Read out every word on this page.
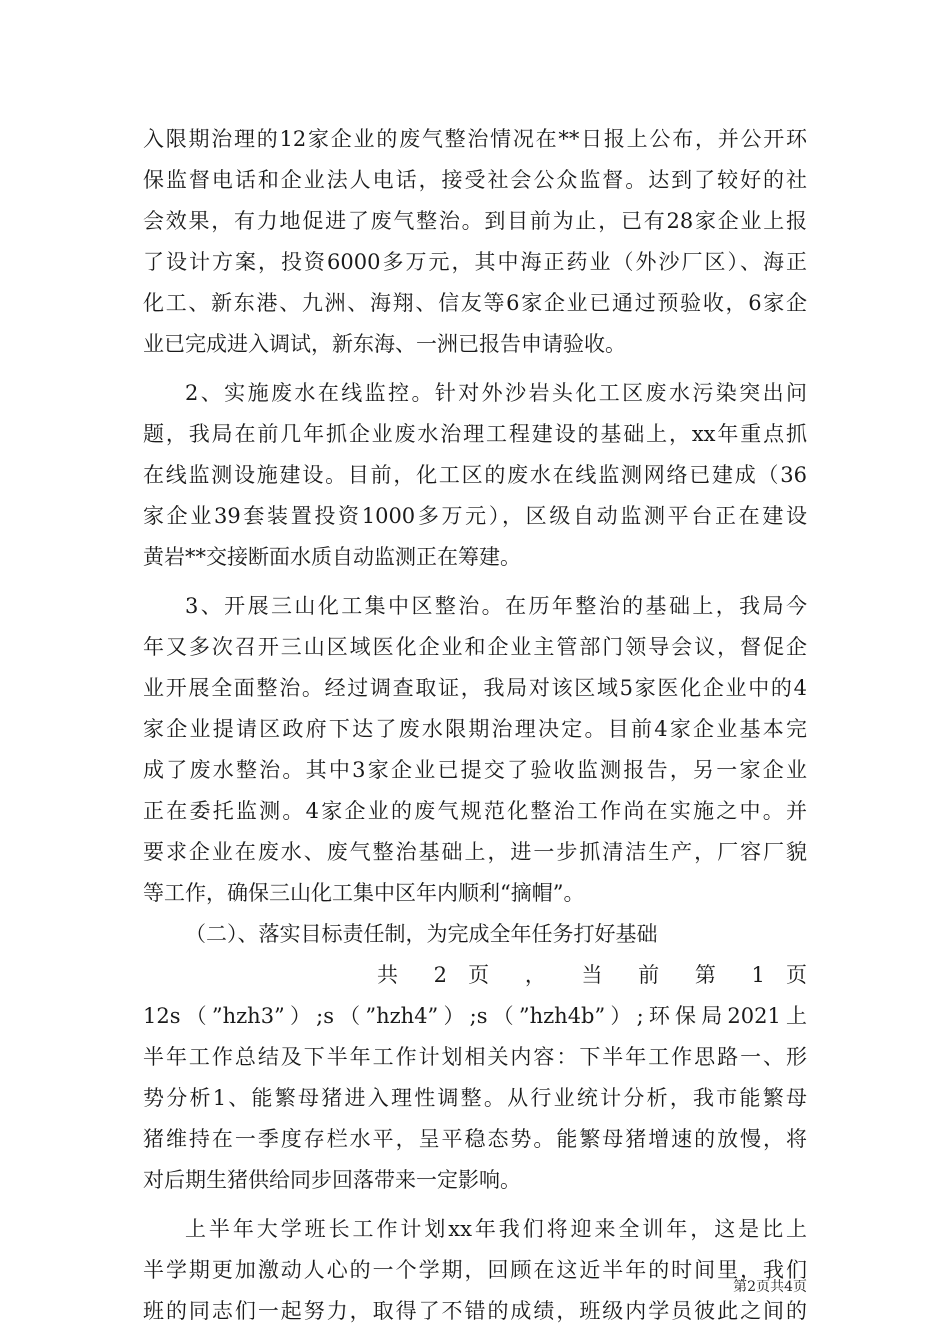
入限期治理的12家企业的废气整治情况在**日报上公布，并公开环
保监督电话和企业法人电话，接受社会公众监督。达到了较好的社
会效果，有力地促进了废气整治。到目前为止，已有28家企业上报
了设计方案，投资6000多万元，其中海正药业（外沙厂区）、海正
化工、新东港、九洲、海翔、信友等6家企业已通过预验收，6家企
业已完成进入调试，新东海、一洲已报告申请验收。
2、实施废水在线监控。针对外沙岩头化工区废水污染突出问
题，我局在前几年抓企业废水治理工程建设的基础上，xx年重点抓
在线监测设施建设。目前，化工区的废水在线监测网络已建成（36
家企业39套装置投资1000多万元），区级自动监测平台正在建设
黄岩**交接断面水质自动监测正在筹建。
3、开展三山化工集中区整治。在历年整治的基础上，我局今
年又多次召开三山区域医化企业和企业主管部门领导会议，督促企
业开展全面整治。经过调查取证，我局对该区域5家医化企业中的4
家企业提请区政府下达了废水限期治理决定。目前4家企业基本完
成了废水整治。其中3家企业已提交了验收监测报告，另一家企业
正在委托监测。4家企业的废气规范化整治工作尚在实施之中。并
要求企业在废水、废气整治基础上，进一步抓清洁生产，厂容厂貌
等工作，确保三山化工集中区年内顺利“摘帽”。
（二）、落实目标责任制，为完成全年任务打好基础
共 2 页 ， 当 前 第 1 页
12s（”hzh3”）;s（”hzh4”）;s（”hzh4b”）;环保局2021上
半年工作总结及下半年工作计划相关内容：下半年工作思路一、形
势分析1、能繁母猪进入理性调整。从行业统计分析，我市能繁母
猪维持在一季度存栏水平，呈平稳态势。能繁母猪增速的放慢，将
对后期生猪供给同步回落带来一定影响。
上半年大学班长工作计划xx年我们将迎来全训年，这是比上
半学期更加激动人心的一个学期，回顾在这近半年的时间里，我们
班的同志们一起努力，取得了不错的成绩，班级内学员彼此之间的
第2页共4页
